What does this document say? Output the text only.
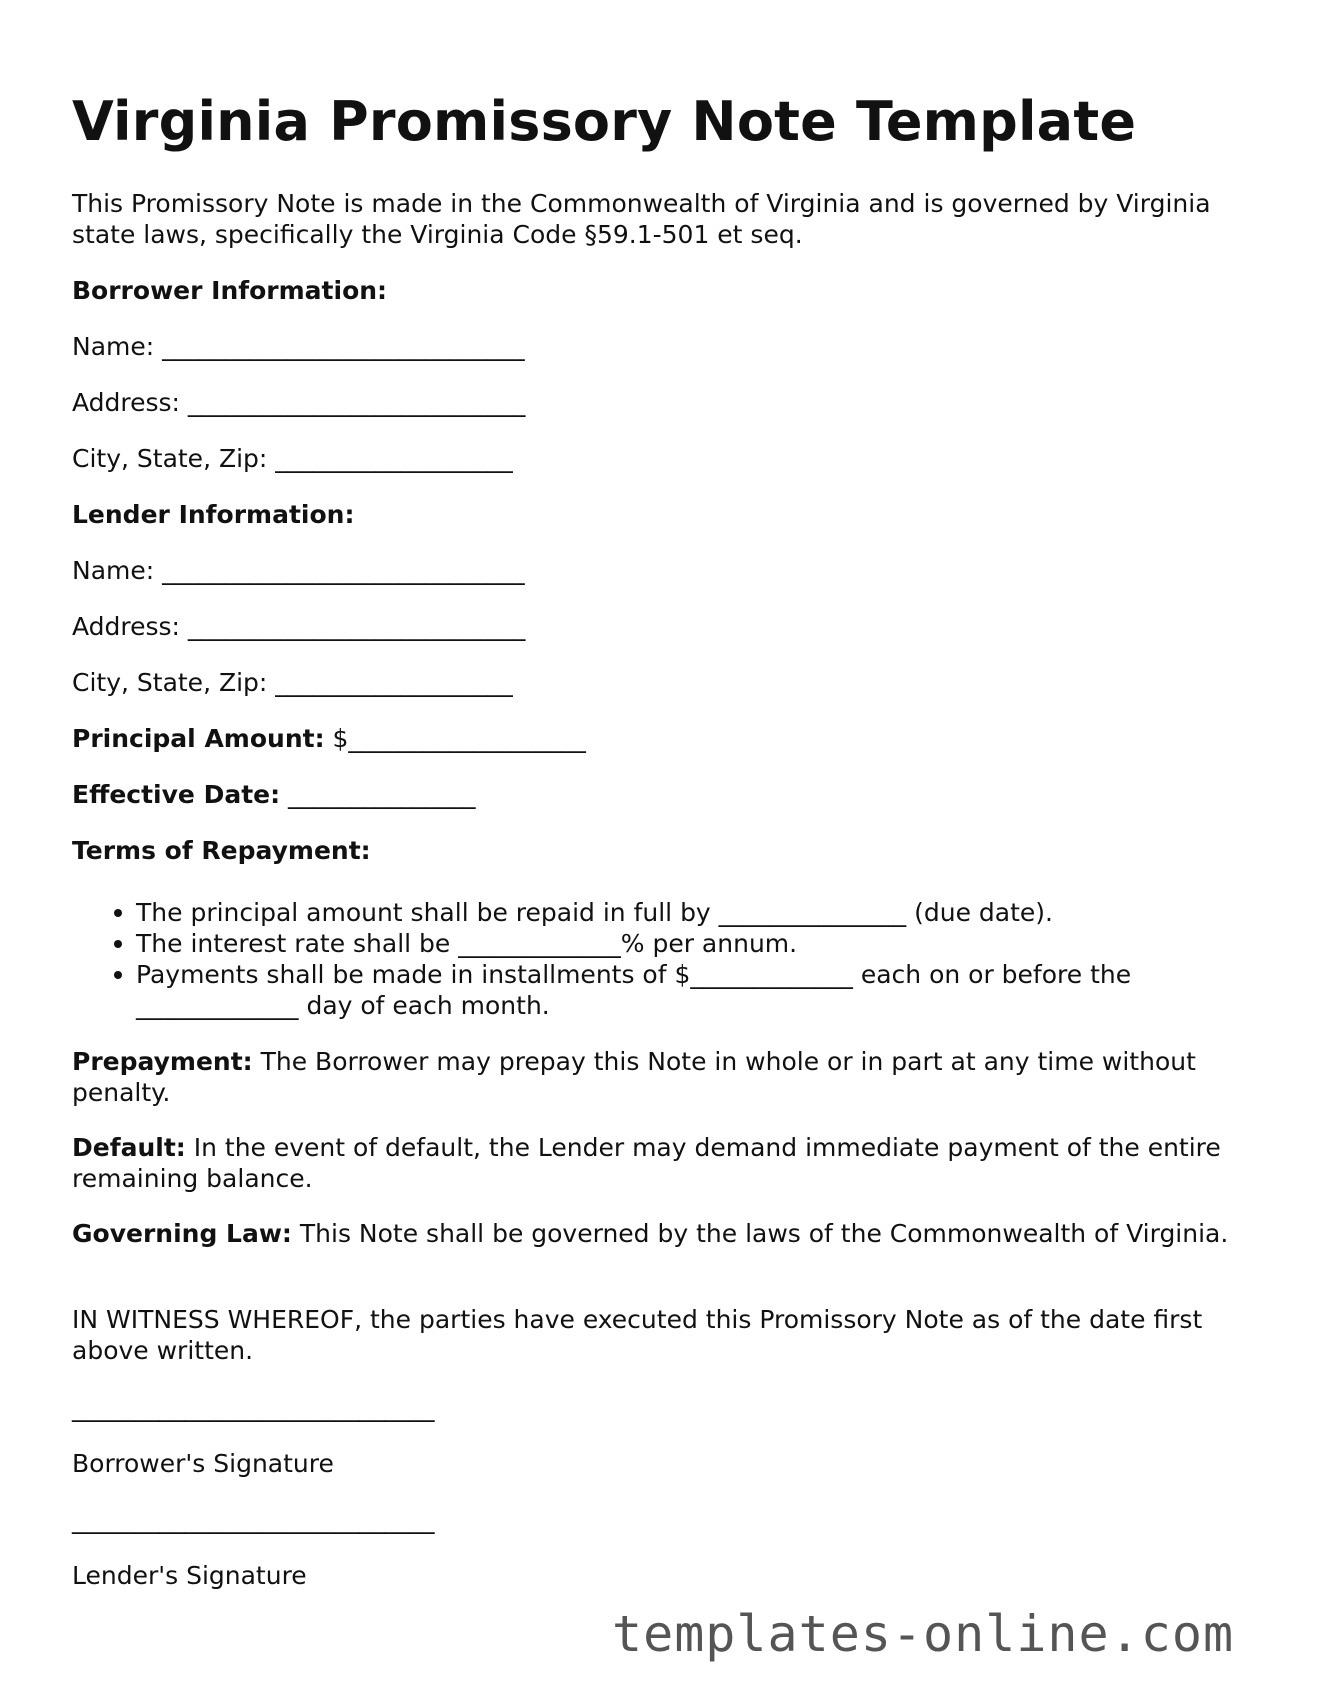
Virginia Promissory Note Template

This Promissory Note is made in the Commonwealth of Virginia and is governed by Virginia state laws, specifically the Virginia Code §59.1-501 et seq.

Borrower Information:

Name: _____________________________

Address: ___________________________

City, State, Zip: ___________________

Lender Information:

Name: _____________________________

Address: ___________________________

City, State, Zip: ___________________

Principal Amount: $___________________

Effective Date: _______________

Terms of Repayment:

The principal amount shall be repaid in full by _______________ (due date).
The interest rate shall be _____________% per annum.
Payments shall be made in installments of $_____________ each on or before the _____________ day of each month.

Prepayment: The Borrower may prepay this Note in whole or in part at any time without penalty.

Default: In the event of default, the Lender may demand immediate payment of the entire remaining balance.

Governing Law: This Note shall be governed by the laws of the Commonwealth of Virginia.

IN WITNESS WHEREOF, the parties have executed this Promissory Note as of the date first above written.

_____________________________

Borrower's Signature

_____________________________

Lender's Signature

templates-online.com
